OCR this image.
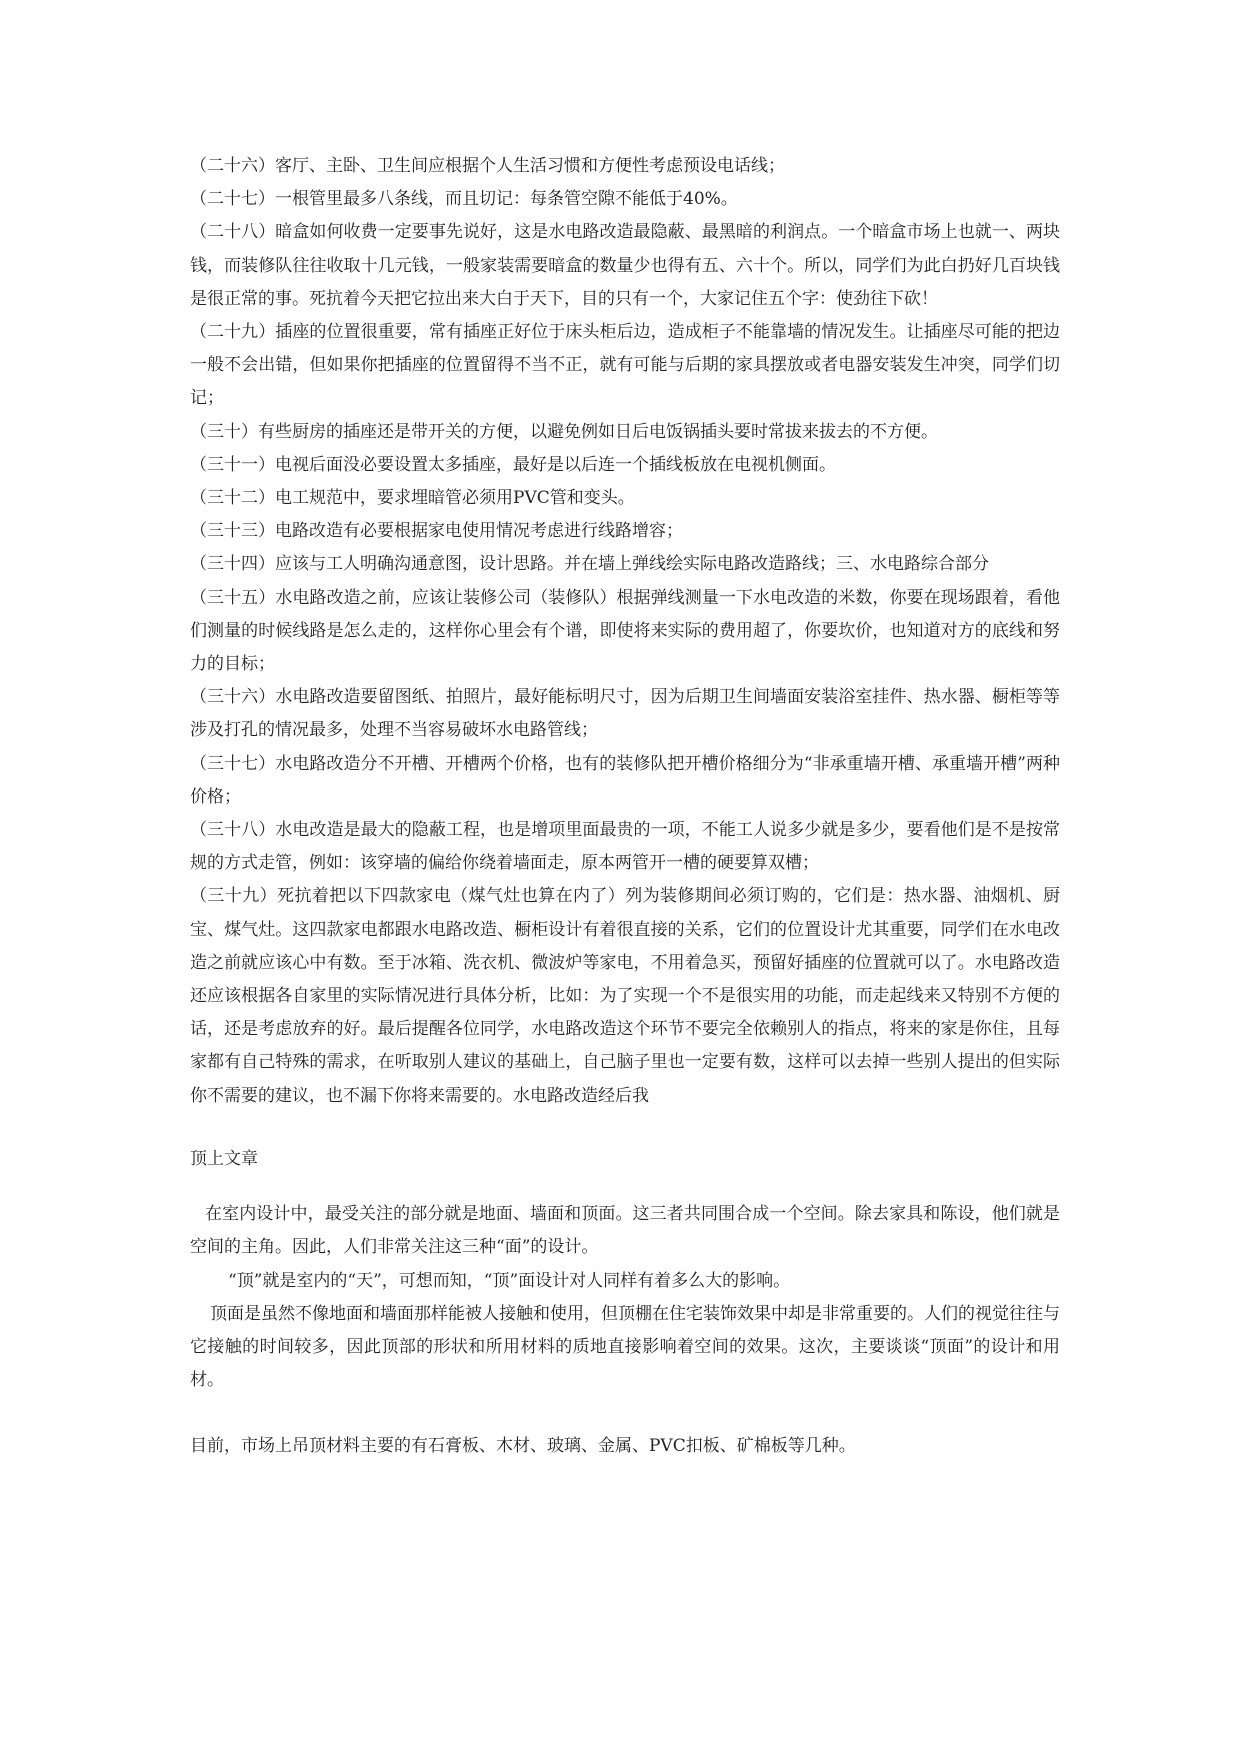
（二十六）客厅、主卧、卫生间应根据个人生活习惯和方便性考虑预设电话线；

（二十七）一根管里最多八条线，而且切记：每条管空隙不能低于40%。

（二十八）暗盒如何收费一定要事先说好，这是水电路改造最隐蔽、最黑暗的利润点。一个暗盒市场上也就一、两块钱，而装修队往往收取十几元钱，一般家装需要暗盒的数量少也得有五、六十个。所以，同学们为此白扔好几百块钱是很正常的事。死抗着今天把它拉出来大白于天下，目的只有一个，大家记住五个字：使劲往下砍！

（二十九）插座的位置很重要，常有插座正好位于床头柜后边，造成柜子不能靠墙的情况发生。让插座尽可能的把边一般不会出错，但如果你把插座的位置留得不当不正，就有可能与后期的家具摆放或者电器安装发生冲突，同学们切记；

（三十）有些厨房的插座还是带开关的方便，以避免例如日后电饭锅插头要时常拔来拔去的不方便。

（三十一）电视后面没必要设置太多插座，最好是以后连一个插线板放在电视机侧面。

（三十二）电工规范中，要求埋暗管必须用PVC管和变头。

（三十三）电路改造有必要根据家电使用情况考虑进行线路增容；

（三十四）应该与工人明确沟通意图，设计思路。并在墙上弹线绘实际电路改造路线；三、水电路综合部分

（三十五）水电路改造之前，应该让装修公司（装修队）根据弹线测量一下水电改造的米数，你要在现场跟着，看他们测量的时候线路是怎么走的，这样你心里会有个谱，即使将来实际的费用超了，你要坎价，也知道对方的底线和努力的目标；

（三十六）水电路改造要留图纸、拍照片，最好能标明尺寸，因为后期卫生间墙面安装浴室挂件、热水器、橱柜等等涉及打孔的情况最多，处理不当容易破坏水电路管线；

（三十七）水电路改造分不开槽、开槽两个价格，也有的装修队把开槽价格细分为“非承重墙开槽、承重墙开槽”两种价格；

（三十八）水电改造是最大的隐蔽工程，也是增项里面最贵的一项，不能工人说多少就是多少，要看他们是不是按常规的方式走管，例如：该穿墙的偏给你绕着墙面走，原本两管开一槽的硬要算双槽；

（三十九）死抗着把以下四款家电（煤气灶也算在内了）列为装修期间必须订购的，它们是：热水器、油烟机、厨宝、煤气灶。这四款家电都跟水电路改造、橱柜设计有着很直接的关系，它们的位置设计尤其重要，同学们在水电改造之前就应该心中有数。至于冰箱、洗衣机、微波炉等家电，不用着急买，预留好插座的位置就可以了。水电路改造还应该根据各自家里的实际情况进行具体分析，比如：为了实现一个不是很实用的功能，而走起线来又特别不方便的话，还是考虑放弃的好。最后提醒各位同学，水电路改造这个环节不要完全依赖别人的指点，将来的家是你住，且每家都有自己特殊的需求，在听取别人建议的基础上，自己脑子里也一定要有数，这样可以去掉一些别人提出的但实际你不需要的建议，也不漏下你将来需要的。水电路改造经后我

顶上文章

在室内设计中，最受关注的部分就是地面、墙面和顶面。这三者共同围合成一个空间。除去家具和陈设，他们就是空间的主角。因此，人们非常关注这三种“面”的设计。

“顶”就是室内的“天”，可想而知，“顶”面设计对人同样有着多么大的影响。

顶面是虽然不像地面和墙面那样能被人接触和使用，但顶棚在住宅装饰效果中却是非常重要的。人们的视觉往往与它接触的时间较多，因此顶部的形状和所用材料的质地直接影响着空间的效果。这次，主要谈谈“顶面”的设计和用材。

目前，市场上吊顶材料主要的有石膏板、木材、玻璃、金属、PVC扣板、矿棉板等几种。
